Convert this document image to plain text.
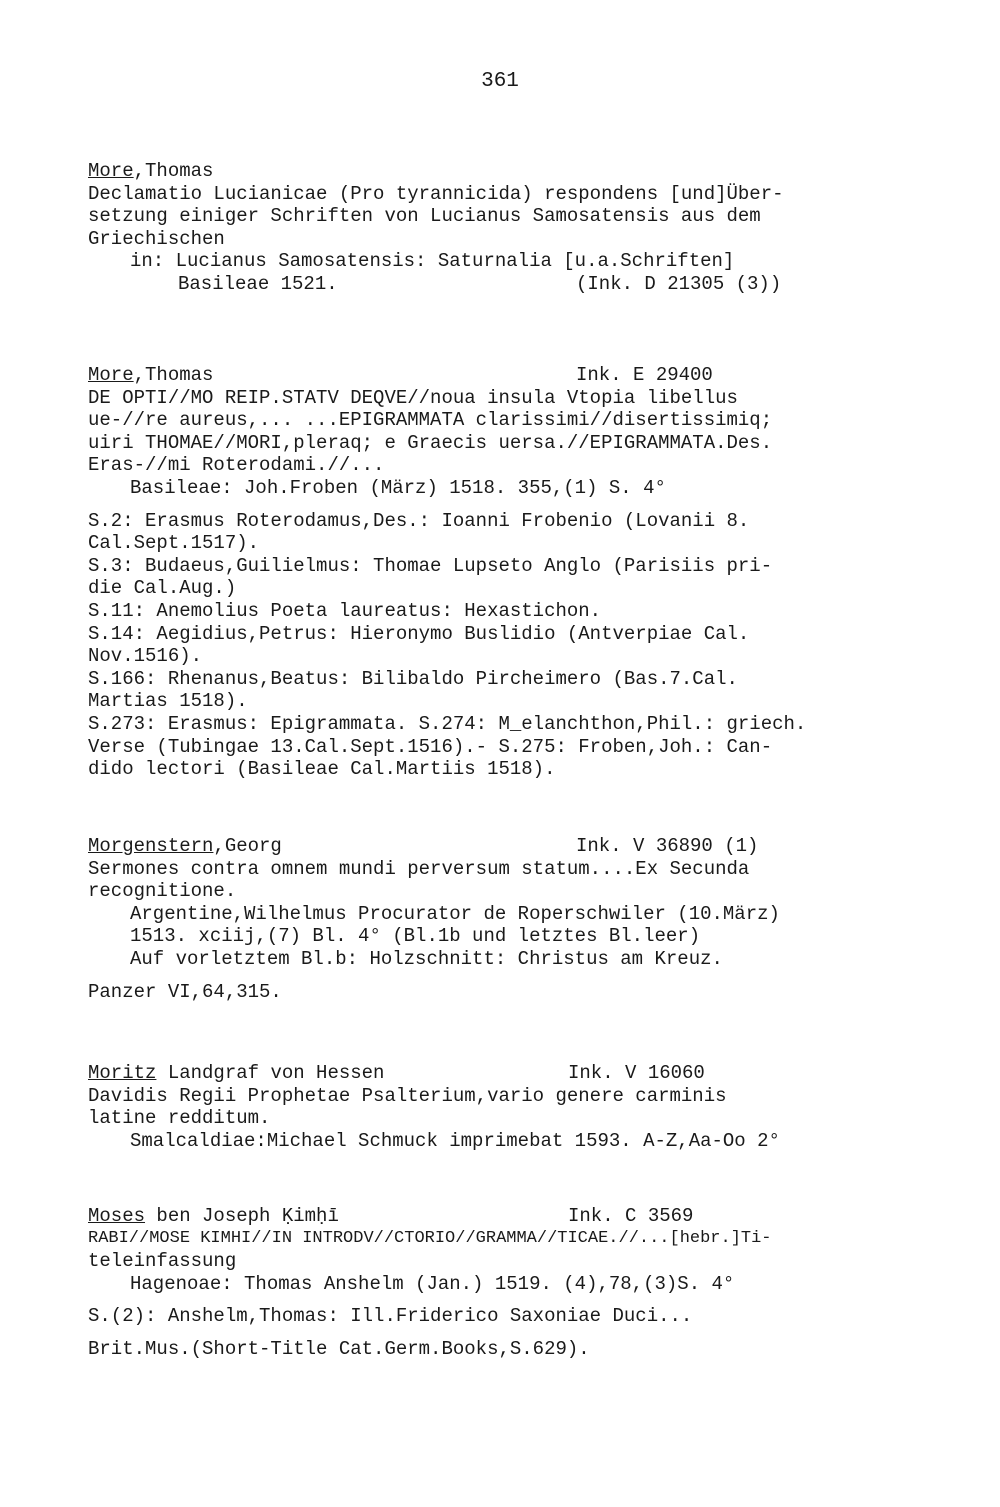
361
More,Thomas
Declamatio Lucianicae (Pro tyrannicida) respondens [und]Über-
setzung einiger Schriften von Lucianus Samosatensis aus dem
Griechischen
in: Lucianus Samosatensis: Saturnalia [u.a.Schriften]
Basileae 1521.	(Ink. D 21305 (3))
More,Thomas	Ink. E 29400
DE OPTI//MO REIP.STATV DEQVE//noua insula Vtopia libellus
ue-//re aureus,... ...EPIGRAMMATA clarissimi//disertissimiq;
uiri THOMAE//MORI,pleraq; e Graecis uersa.//EPIGRAMMATA.Des.
Eras-//mi Roterodami.//...
Basileae: Joh.Froben (März) 1518. 355,(1) S. 4°
S.2: Erasmus Roterodamus,Des.: Ioanni Frobenio (Lovanii 8.
Cal.Sept.1517).
S.3: Budaeus,Guilielmus: Thomae Lupseto Anglo (Parisiis pri-
die Cal.Aug.)
S.11: Anemolius Poeta laureatus: Hexastichon.
S.14: Aegidius,Petrus: Hieronymo Buslidio (Antverpiae Cal.
Nov.1516).
S.166: Rhenanus,Beatus: Bilibaldo Pircheimero (Bas.7.Cal.
Martias 1518).
S.273: Erasmus: Epigrammata. S.274: M_elanchthon,Phil.: griech.
Verse (Tubingae 13.Cal.Sept.1516).- S.275: Froben,Joh.: Can-
dido lectori (Basileae Cal.Martiis 1518).
Morgenstern,Georg	Ink. V 36890 (1)
Sermones contra omnem mundi perversum statum....Ex Secunda
recognitione.
Argentine,Wilhelmus Procurator de Roperschwiler (10.März)
1513. xciij,(7) Bl. 4° (Bl.1b und letztes Bl.leer)
Auf vorletztem Bl.b: Holzschnitt: Christus am Kreuz.
Panzer VI,64,315.
Moritz Landgraf von Hessen	Ink. V 16060
Davidis Regii Prophetae Psalterium,vario genere carminis
latine redditum.
Smalcaldiae:Michael Schmuck imprimebat 1593. A-Z,Aa-Oo 2°
Moses ben Joseph Ḳimḥī	Ink. C 3569
RABI//MOSE KIMHI//IN INTRODV//CTORIO//GRAMMA//TICAE.//...[hebr.]Ti-
teleinfassung
Hagenoae: Thomas Anshelm (Jan.) 1519. (4),78,(3)S. 4°
S.(2): Anshelm,Thomas: Ill.Friderico Saxoniae Duci...
Brit.Mus.(Short-Title Cat.Germ.Books,S.629).
